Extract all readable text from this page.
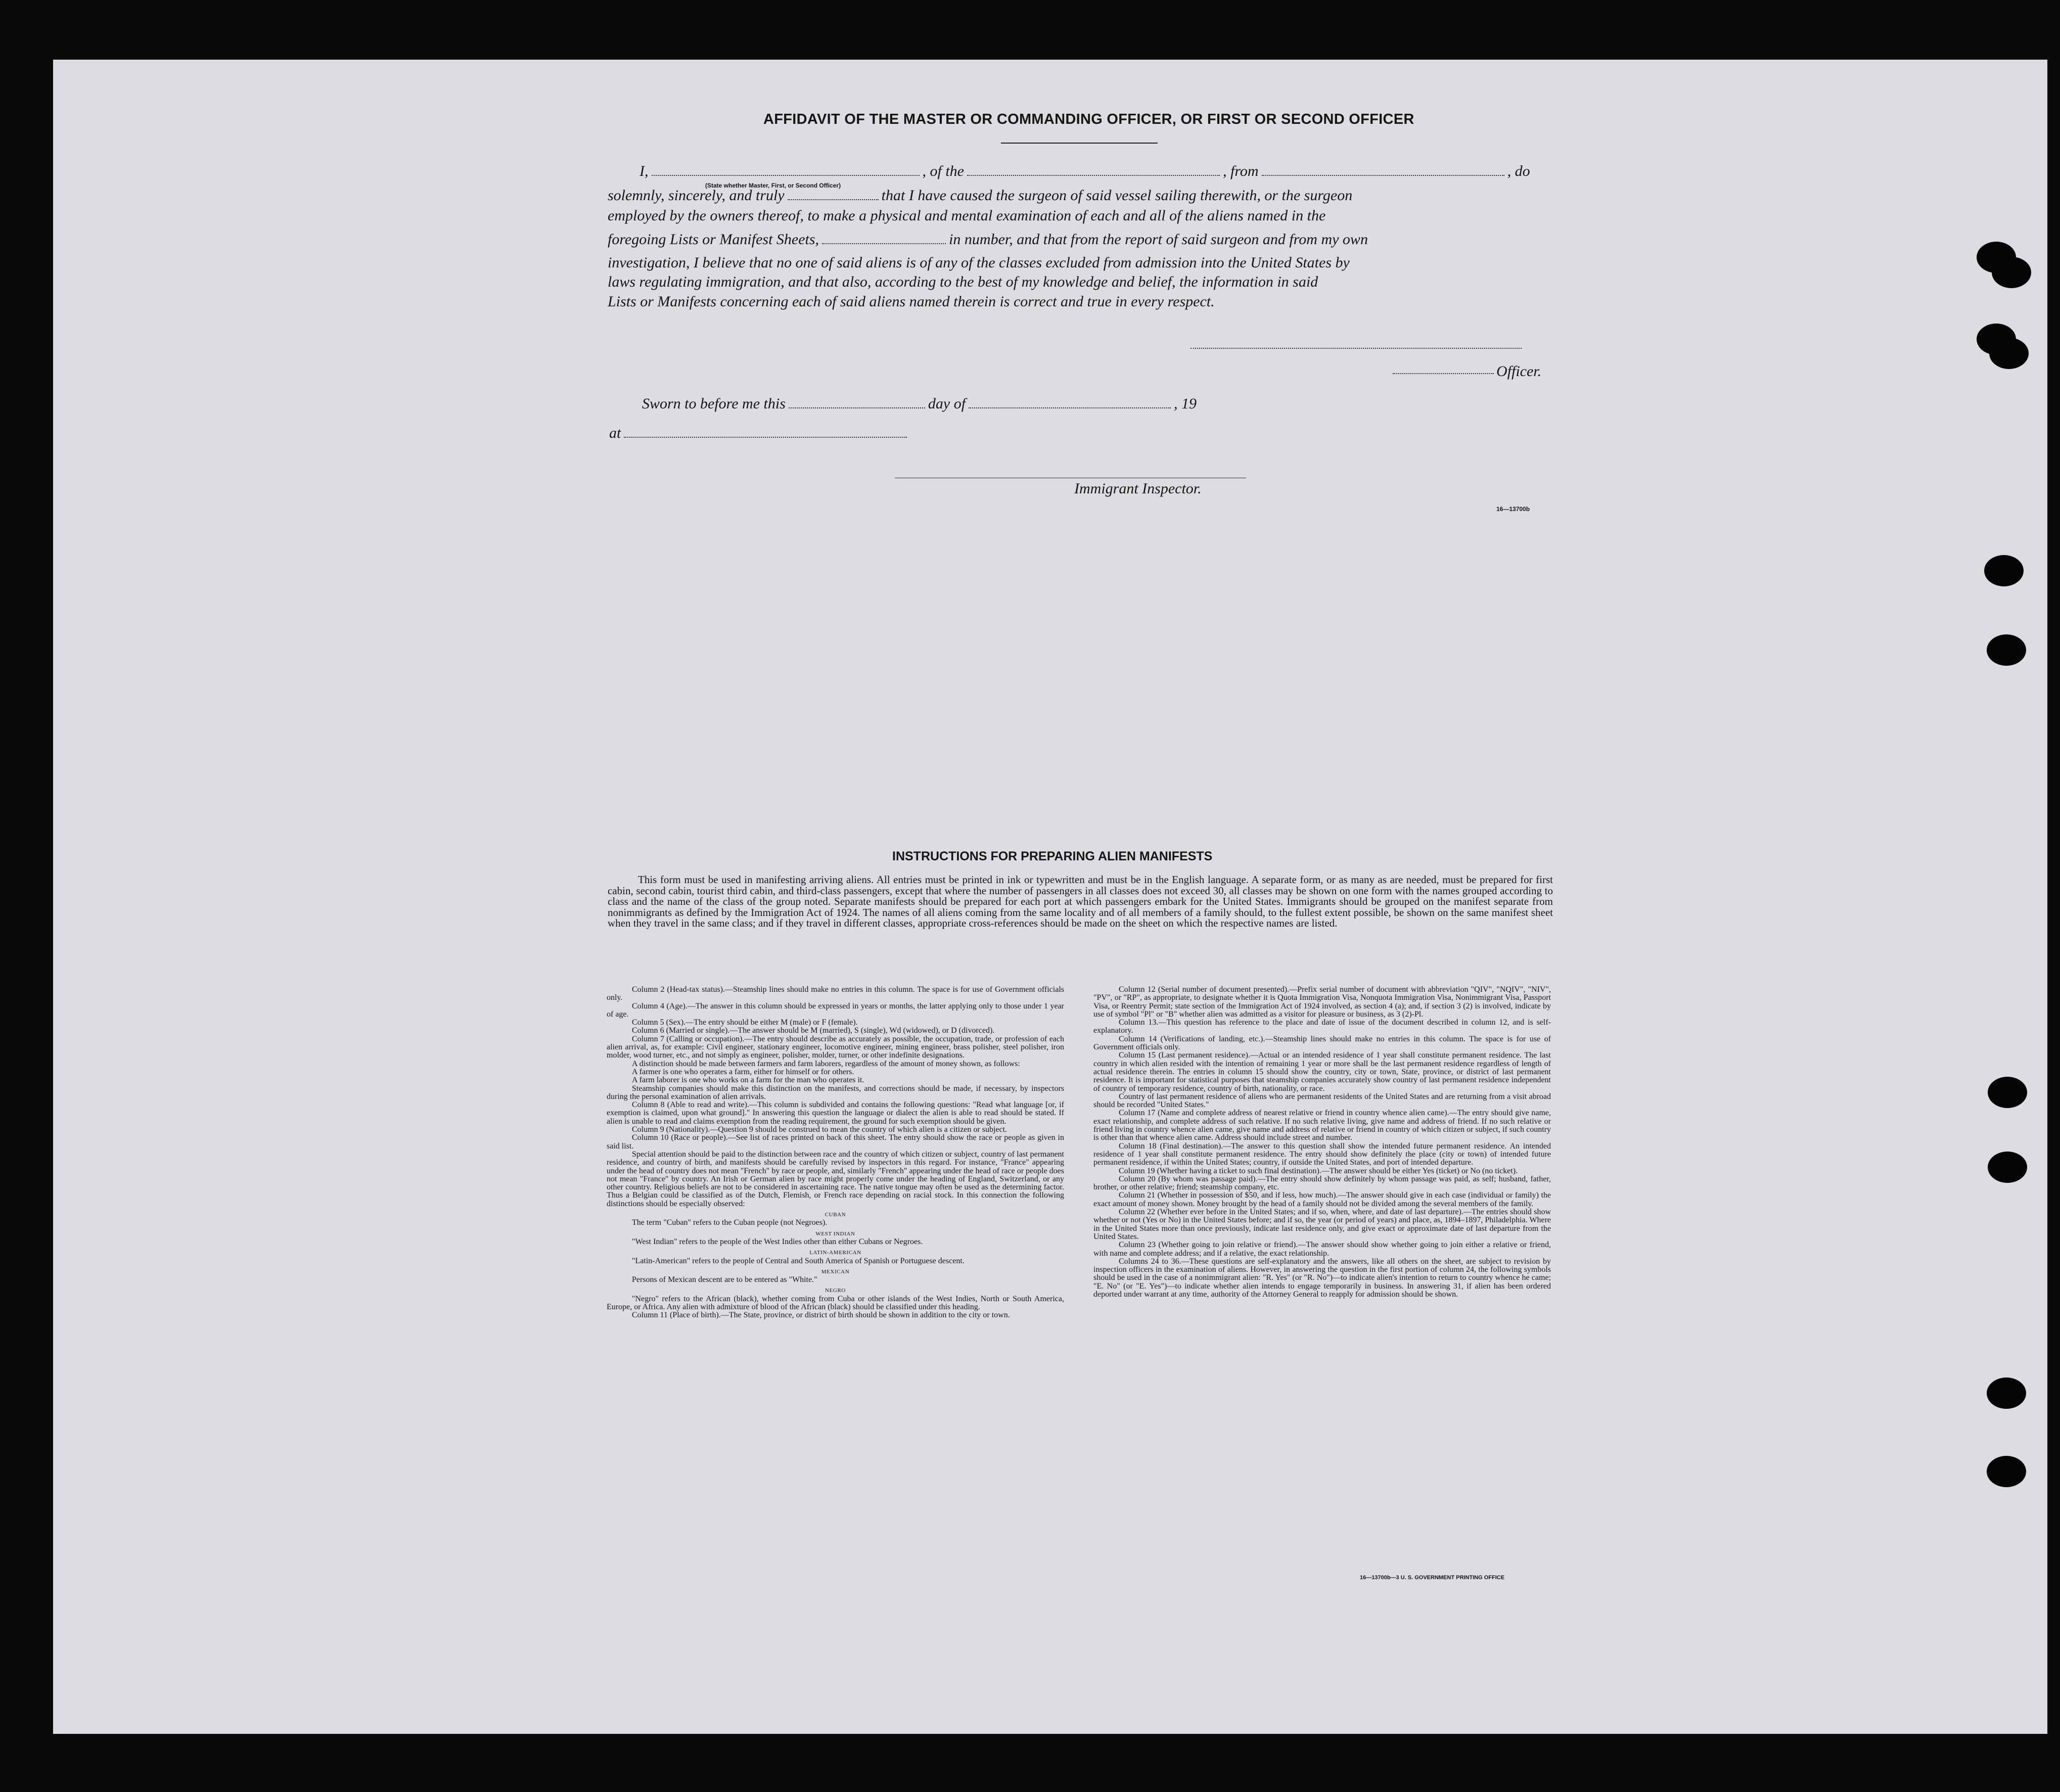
AFFIDAVIT OF THE MASTER OR COMMANDING OFFICER, OR FIRST OR SECOND OFFICER
I,	, of the	, from	, do
(State whether Master, First, or Second Officer)
solemnly, sincerely, and truly	that I have caused the surgeon of said vessel sailing therewith, or the surgeon
employed by the owners thereof, to make a physical and mental examination of each and all of the aliens named in the
foregoing Lists or Manifest Sheets,	in number, and that from the report of said surgeon and from my own
investigation, I believe that no one of said aliens is of any of the classes excluded from admission into the United States by
laws regulating immigration, and that also, according to the best of my knowledge and belief, the information in said
Lists or Manifests concerning each of said aliens named therein is correct and true in every respect.
Officer.
Sworn to before me this	day of	, 19
at
Immigrant Inspector.
16—13700b
INSTRUCTIONS FOR PREPARING ALIEN MANIFESTS
This form must be used in manifesting arriving aliens. All entries must be printed in ink or typewritten and must be in the English language. A separate form, or as many as are needed, must be prepared for first cabin, second cabin, tourist third cabin, and third-class passengers, except that where the number of passengers in all classes does not exceed 30, all classes may be shown on one form with the names grouped according to class and the name of the class of the group noted. Separate manifests should be prepared for each port at which passengers embark for the United States. Immigrants should be grouped on the manifest separate from nonimmigrants as defined by the Immigration Act of 1924. The names of all aliens coming from the same locality and of all members of a family should, to the fullest extent possible, be shown on the same manifest sheet when they travel in the same class; and if they travel in different classes, appropriate cross-references should be made on the sheet on which the respective names are listed.

Column 2 (Head-tax status).—Steamship lines should make no entries in this column. The space is for use of Government officials only.

Column 4 (Age).—The answer in this column should be expressed in years or months, the latter applying only to those under 1 year of age.

Column 5 (Sex).—The entry should be either M (male) or F (female).

Column 6 (Married or single).—The answer should be M (married), S (single), Wd (widowed), or D (divorced).

Column 7 (Calling or occupation).—The entry should describe as accurately as possible, the occupation, trade, or profession of each alien arrival, as, for example: Civil engineer, stationary engineer, locomotive engineer, mining engineer, brass polisher, steel polisher, iron molder, wood turner, etc., and not simply as engineer, polisher, molder, turner, or other indefinite designations.

A distinction should be made between farmers and farm laborers, regardless of the amount of money shown, as follows:

A farmer is one who operates a farm, either for himself or for others.

A farm laborer is one who works on a farm for the man who operates it.

Steamship companies should make this distinction on the manifests, and corrections should be made, if necessary, by inspectors during the personal examination of alien arrivals.

Column 8 (Able to read and write).—This column is subdivided and contains the following questions: "Read what language [or, if exemption is claimed, upon what ground]." In answering this question the language or dialect the alien is able to read should be stated. If alien is unable to read and claims exemption from the reading requirement, the ground for such exemption should be given.

Column 9 (Nationality).—Question 9 should be construed to mean the country of which alien is a citizen or subject.

Column 10 (Race or people).—See list of races printed on back of this sheet. The entry should show the race or people as given in said list.

Special attention should be paid to the distinction between race and the country of which citizen or subject, country of last permanent residence, and country of birth, and manifests should be carefully revised by inspectors in this regard. For instance, "France" appearing under the head of country does not mean "French" by race or people, and, similarly "French" appearing under the head of race or people does not mean "France" by country. An Irish or German alien by race might properly come under the heading of England, Switzerland, or any other country. Religious beliefs are not to be considered in ascertaining race. The native tongue may often be used as the determining factor. Thus a Belgian could be classified as of the Dutch, Flemish, or French race depending on racial stock. In this connection the following distinctions should be especially observed:

CUBAN

The term "Cuban" refers to the Cuban people (not Negroes).

WEST INDIAN

"West Indian" refers to the people of the West Indies other than either Cubans or Negroes.

LATIN-AMERICAN

"Latin-American" refers to the people of Central and South America of Spanish or Portuguese descent.

MEXICAN

Persons of Mexican descent are to be entered as "White."

NEGRO

"Negro" refers to the African (black), whether coming from Cuba or other islands of the West Indies, North or South America, Europe, or Africa. Any alien with admixture of blood of the African (black) should be classified under this heading.

Column 11 (Place of birth).—The State, province, or district of birth should be shown in addition to the city or town.

Column 12 (Serial number of document presented).—Prefix serial number of document with abbreviation "QIV", "NQIV", "NIV", "PV", or "RP", as appropriate, to designate whether it is Quota Immigration Visa, Nonquota Immigration Visa, Nonimmigrant Visa, Passport Visa, or Reentry Permit; state section of the Immigration Act of 1924 involved, as section 4 (a); and, if section 3 (2) is involved, indicate by use of symbol "Pl" or "B" whether alien was admitted as a visitor for pleasure or business, as 3 (2)-Pl.

Column 13.—This question has reference to the place and date of issue of the document described in column 12, and is self-explanatory.

Column 14 (Verifications of landing, etc.).—Steamship lines should make no entries in this column. The space is for use of Government officials only.

Column 15 (Last permanent residence).—Actual or an intended residence of 1 year shall constitute permanent residence. The last country in which alien resided with the intention of remaining 1 year or more shall be the last permanent residence regardless of length of actual residence therein. The entries in column 15 should show the country, city or town, State, province, or district of last permanent residence. It is important for statistical purposes that steamship companies accurately show country of last permanent residence independent of country of temporary residence, country of birth, nationality, or race.

Country of last permanent residence of aliens who are permanent residents of the United States and are returning from a visit abroad should be recorded "United States."

Column 17 (Name and complete address of nearest relative or friend in country whence alien came).—The entry should give name, exact relationship, and complete address of such relative. If no such relative living, give name and address of friend. If no such relative or friend living in country whence alien came, give name and address of relative or friend in country of which citizen or subject, if such country is other than that whence alien came. Address should include street and number.

Column 18 (Final destination).—The answer to this question shall show the intended future permanent residence. An intended residence of 1 year shall constitute permanent residence. The entry should show definitely the place (city or town) of intended future permanent residence, if within the United States; country, if outside the United States, and port of intended departure.

Column 19 (Whether having a ticket to such final destination).—The answer should be either Yes (ticket) or No (no ticket).

Column 20 (By whom was passage paid).—The entry should show definitely by whom passage was paid, as self; husband, father, brother, or other relative; friend; steamship company, etc.

Column 21 (Whether in possession of $50, and if less, how much).—The answer should give in each case (individual or family) the exact amount of money shown. Money brought by the head of a family should not be divided among the several members of the family.

Column 22 (Whether ever before in the United States; and if so, when, where, and date of last departure).—The entries should show whether or not (Yes or No) in the United States before; and if so, the year (or period of years) and place, as, 1894–1897, Philadelphia. Where in the United States more than once previously, indicate last residence only, and give exact or approximate date of last departure from the United States.

Column 23 (Whether going to join relative or friend).—The answer should show whether going to join either a relative or friend, with name and complete address; and if a relative, the exact relationship.

Columns 24 to 36.—These questions are self-explanatory and the answers, like all others on the sheet, are subject to revision by inspection officers in the examination of aliens. However, in answering the question in the first portion of column 24, the following symbols should be used in the case of a nonimmigrant alien: "R. Yes" (or "R. No")—to indicate alien's intention to return to country whence he came; "E. No" (or "E. Yes")—to indicate whether alien intends to engage temporarily in business. In answering 31, if alien has been ordered deported under warrant at any time, authority of the Attorney General to reapply for admission should be shown.

16—13700b—3 U. S. GOVERNMENT PRINTING OFFICE
